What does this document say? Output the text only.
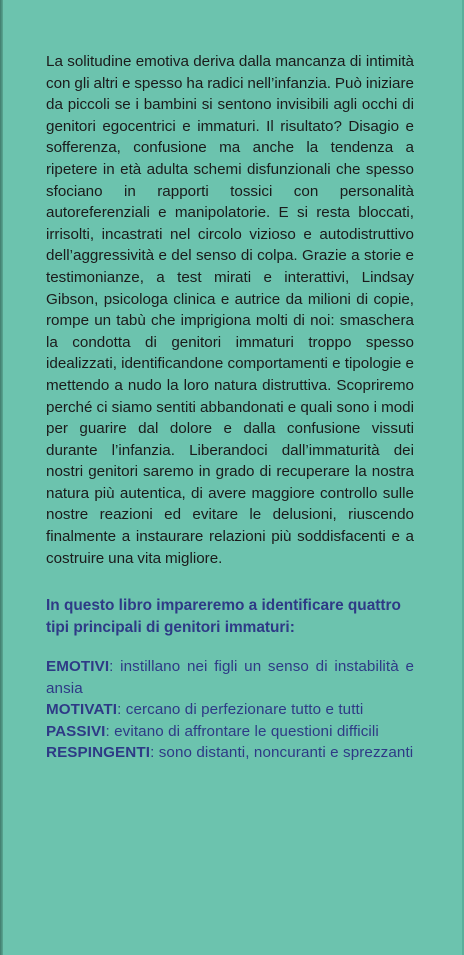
La solitudine emotiva deriva dalla mancanza di intimità con gli altri e spesso ha radici nell’infanzia. Può iniziare da piccoli se i bambini si sentono invisibili agli occhi di genitori egocentrici e immaturi. Il risultato? Disagio e sofferenza, confusione ma anche la tendenza a ripetere in età adulta schemi disfunzionali che spesso sfociano in rapporti tossici con personalità autoreferenziali e manipolatorie. E si resta bloccati, irrisolti, incastrati nel circolo vizioso e autodistruttivo dell’aggressività e del senso di colpa. Grazie a storie e testimonianze, a test mirati e interattivi, Lindsay Gibson, psicologa clinica e autrice da milioni di copie, rompe un tabù che imprigiona molti di noi: smaschera la condotta di genitori immaturi troppo spesso idealizzati, identificandone comportamenti e tipologie e mettendo a nudo la loro natura distruttiva. Scopriremo perché ci siamo sentiti abbandonati e quali sono i modi per guarire dal dolore e dalla confusione vissuti durante l’infanzia. Liberandoci dall’immaturità dei nostri genitori saremo in grado di recuperare la nostra natura più autentica, di avere maggiore controllo sulle nostre reazioni ed evitare le delusioni, riuscendo finalmente a instaurare relazioni più soddisfacenti e a costruire una vita migliore.

In questo libro impareremo a identificare quattro tipi principali di genitori immaturi:

EMOTIVI: instillano nei figli un senso di instabilità e ansia
MOTIVATI: cercano di perfezionare tutto e tutti
PASSIVI: evitano di affrontare le questioni difficili
RESPINGENTI: sono distanti, noncuranti e sprezzanti
